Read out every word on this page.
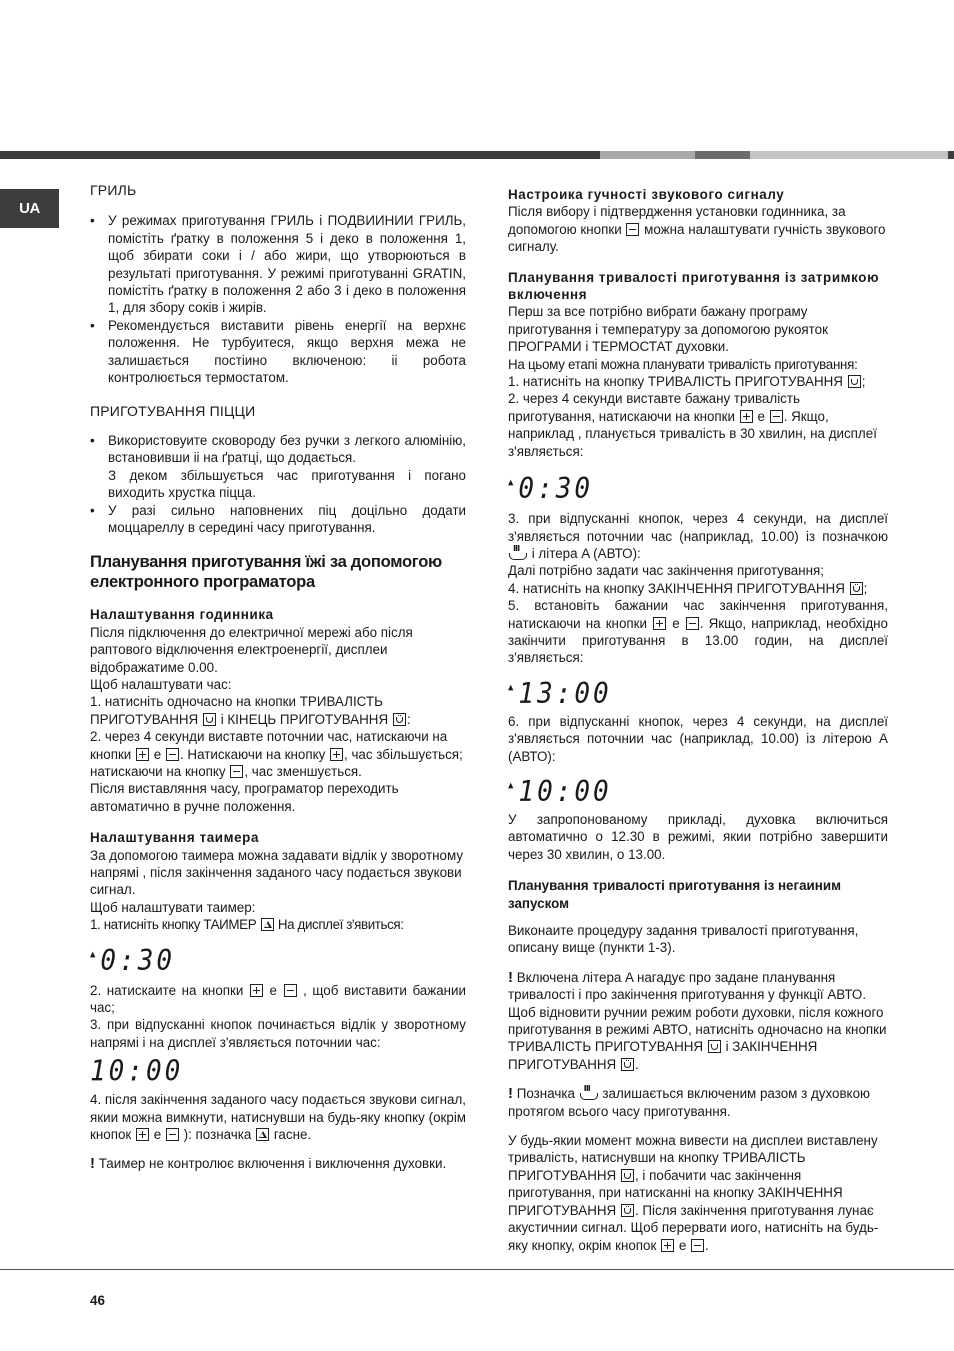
UA

ГРИЛЬ

• У режимах приготування ГРИЛЬ і ПОДВИИНИИ ГРИЛЬ, помістіть ґратку в положення 5 і деко в положення 1, щоб збирати соки і / або жири, що утворюються в результаті приготування. У режимі приготуванні GRATIN, помістіть ґратку в положення 2 або 3 і деко в положення 1, для збору соків і жирів.
• Рекомендується виставити рівень енергії на верхнє положення. Не турбуитеся, якщо верхня межа не залишається постіино включеною: іі робота контролюється термостатом.

ПРИГОТУВАННЯ ПІЦЦИ

• Використовуите сковороду без ручки з легкого алюмінію, встановивши іі на ґратці, що додається.
З деком збільшується час приготування і погано виходить хрустка піцца.
• У разі сильно наповнених піц доцільно додати моццареллу в середині часу приготування.

Планування приготування їжі за допомогою електронного програматора

Налаштування годинника

Після підключення до електричної мережі або після раптового відключення електроенергії, дисплеи відображатиме 0.00.

Щоб налаштувати час:

1. натисніть одночасно на кнопки ТРИВАЛІСТЬ ПРИГОТУВАННЯ і КІНЕЦЬ ПРИГОТУВАННЯ :

2. через 4 секунди виставте поточнии час, натискаючи на кнопки е . Натискаючи на кнопку , час збільшується; натискаючи на кнопку , час зменшується.

Після виставляння часу, програматор переходить автоматично в ручне положення.

Налаштування таимера

За допомогою таимера можна задавати відлік у зворотному напрямі , після закінчення заданого часу подається звукови сигнал.

Щоб налаштувати таимер:

1. натисніть кнопку ТАИМЕР На дисплеї з'явиться:

▲0:30

2. натискаите на кнопки е , щоб виставити бажании час;

3. при відпусканні кнопок починається відлік у зворотному напрямі і на дисплеї з'являється поточнии час:

10:00

4. після закінчення заданого часу подається звукови сигнал, якии можна вимкнути, натиснувши на будь-яку кнопку (окрім кнопок е ): позначка гасне.

! Таимер не контролює включення і виключення духовки.

Настроика гучності звукового сигналу

Після вибору і підтвердження установки годинника, за допомогою кнопки можна налаштувати гучність звукового сигналу.

Планування тривалості приготування із затримкою включення

Перш за все потрібно вибрати бажану програму приготування і температуру за допомогою рукояток ПРОГРАМИ і ТЕРМОСТАТ духовки.

На цьому етапі можна планувати тривалість приготування:

1. натисніть на кнопку ТРИВАЛІСТЬ ПРИГОТУВАННЯ ;

2. через 4 секунди виставте бажану тривалість приготування, натискаючи на кнопки е . Якщо, наприклад , планується тривалість в 30 хвилин, на дисплеї з'являється:

▲0:30

3. при відпусканні кнопок, через 4 секунди, на дисплеї з'являється поточнии час (наприклад, 10.00) із позначкою ııı і літера A (АВТО):

Далі потрібно задати час закінчення приготування;

4. натисніть на кнопку ЗАКІНЧЕННЯ ПРИГОТУВАННЯ ;

5. встановіть бажании час закінчення приготування, натискаючи на кнопки е . Якщо, наприклад, необхідно закінчити приготування в 13.00 годин, на дисплеї з'являється:

▲13:00

6. при відпусканні кнопок, через 4 секунди, на дисплеї з'являється поточнии час (наприклад, 10.00) із літерою A (АВТО):

▲10:00

У запропонованому прикладі, духовка включиться автоматично о 12.30 в режимі, якии потрібно завершити через 30 хвилин, о 13.00.

Планування тривалості приготування із негаиним запуском

Виконаите процедуру задання тривалості приготування, описану вище (пункти 1-3).

! Включена літера A нагадує про задане планування тривалості і про закінчення приготування у функції АВТО. Щоб відновити ручнии режим роботи духовки, після кожного приготування в режимі АВТО, натисніть одночасно на кнопки ТРИВАЛІСТЬ ПРИГОТУВАННЯ і ЗАКІНЧЕННЯ ПРИГОТУВАННЯ .

! Позначка ııı залишається включеним разом з духовкою протягом всього часу приготування.

У будь-якии момент можна вивести на дисплеи виставлену тривалість, натиснувши на кнопку ТРИВАЛІСТЬ ПРИГОТУВАННЯ , і побачити час закінчення приготування, при натисканні на кнопку ЗАКІНЧЕННЯ ПРИГОТУВАННЯ . Після закінчення приготування лунає акустичнии сигнал. Щоб перервати иого, натисніть на будь-яку кнопку, окрім кнопок е .

46
